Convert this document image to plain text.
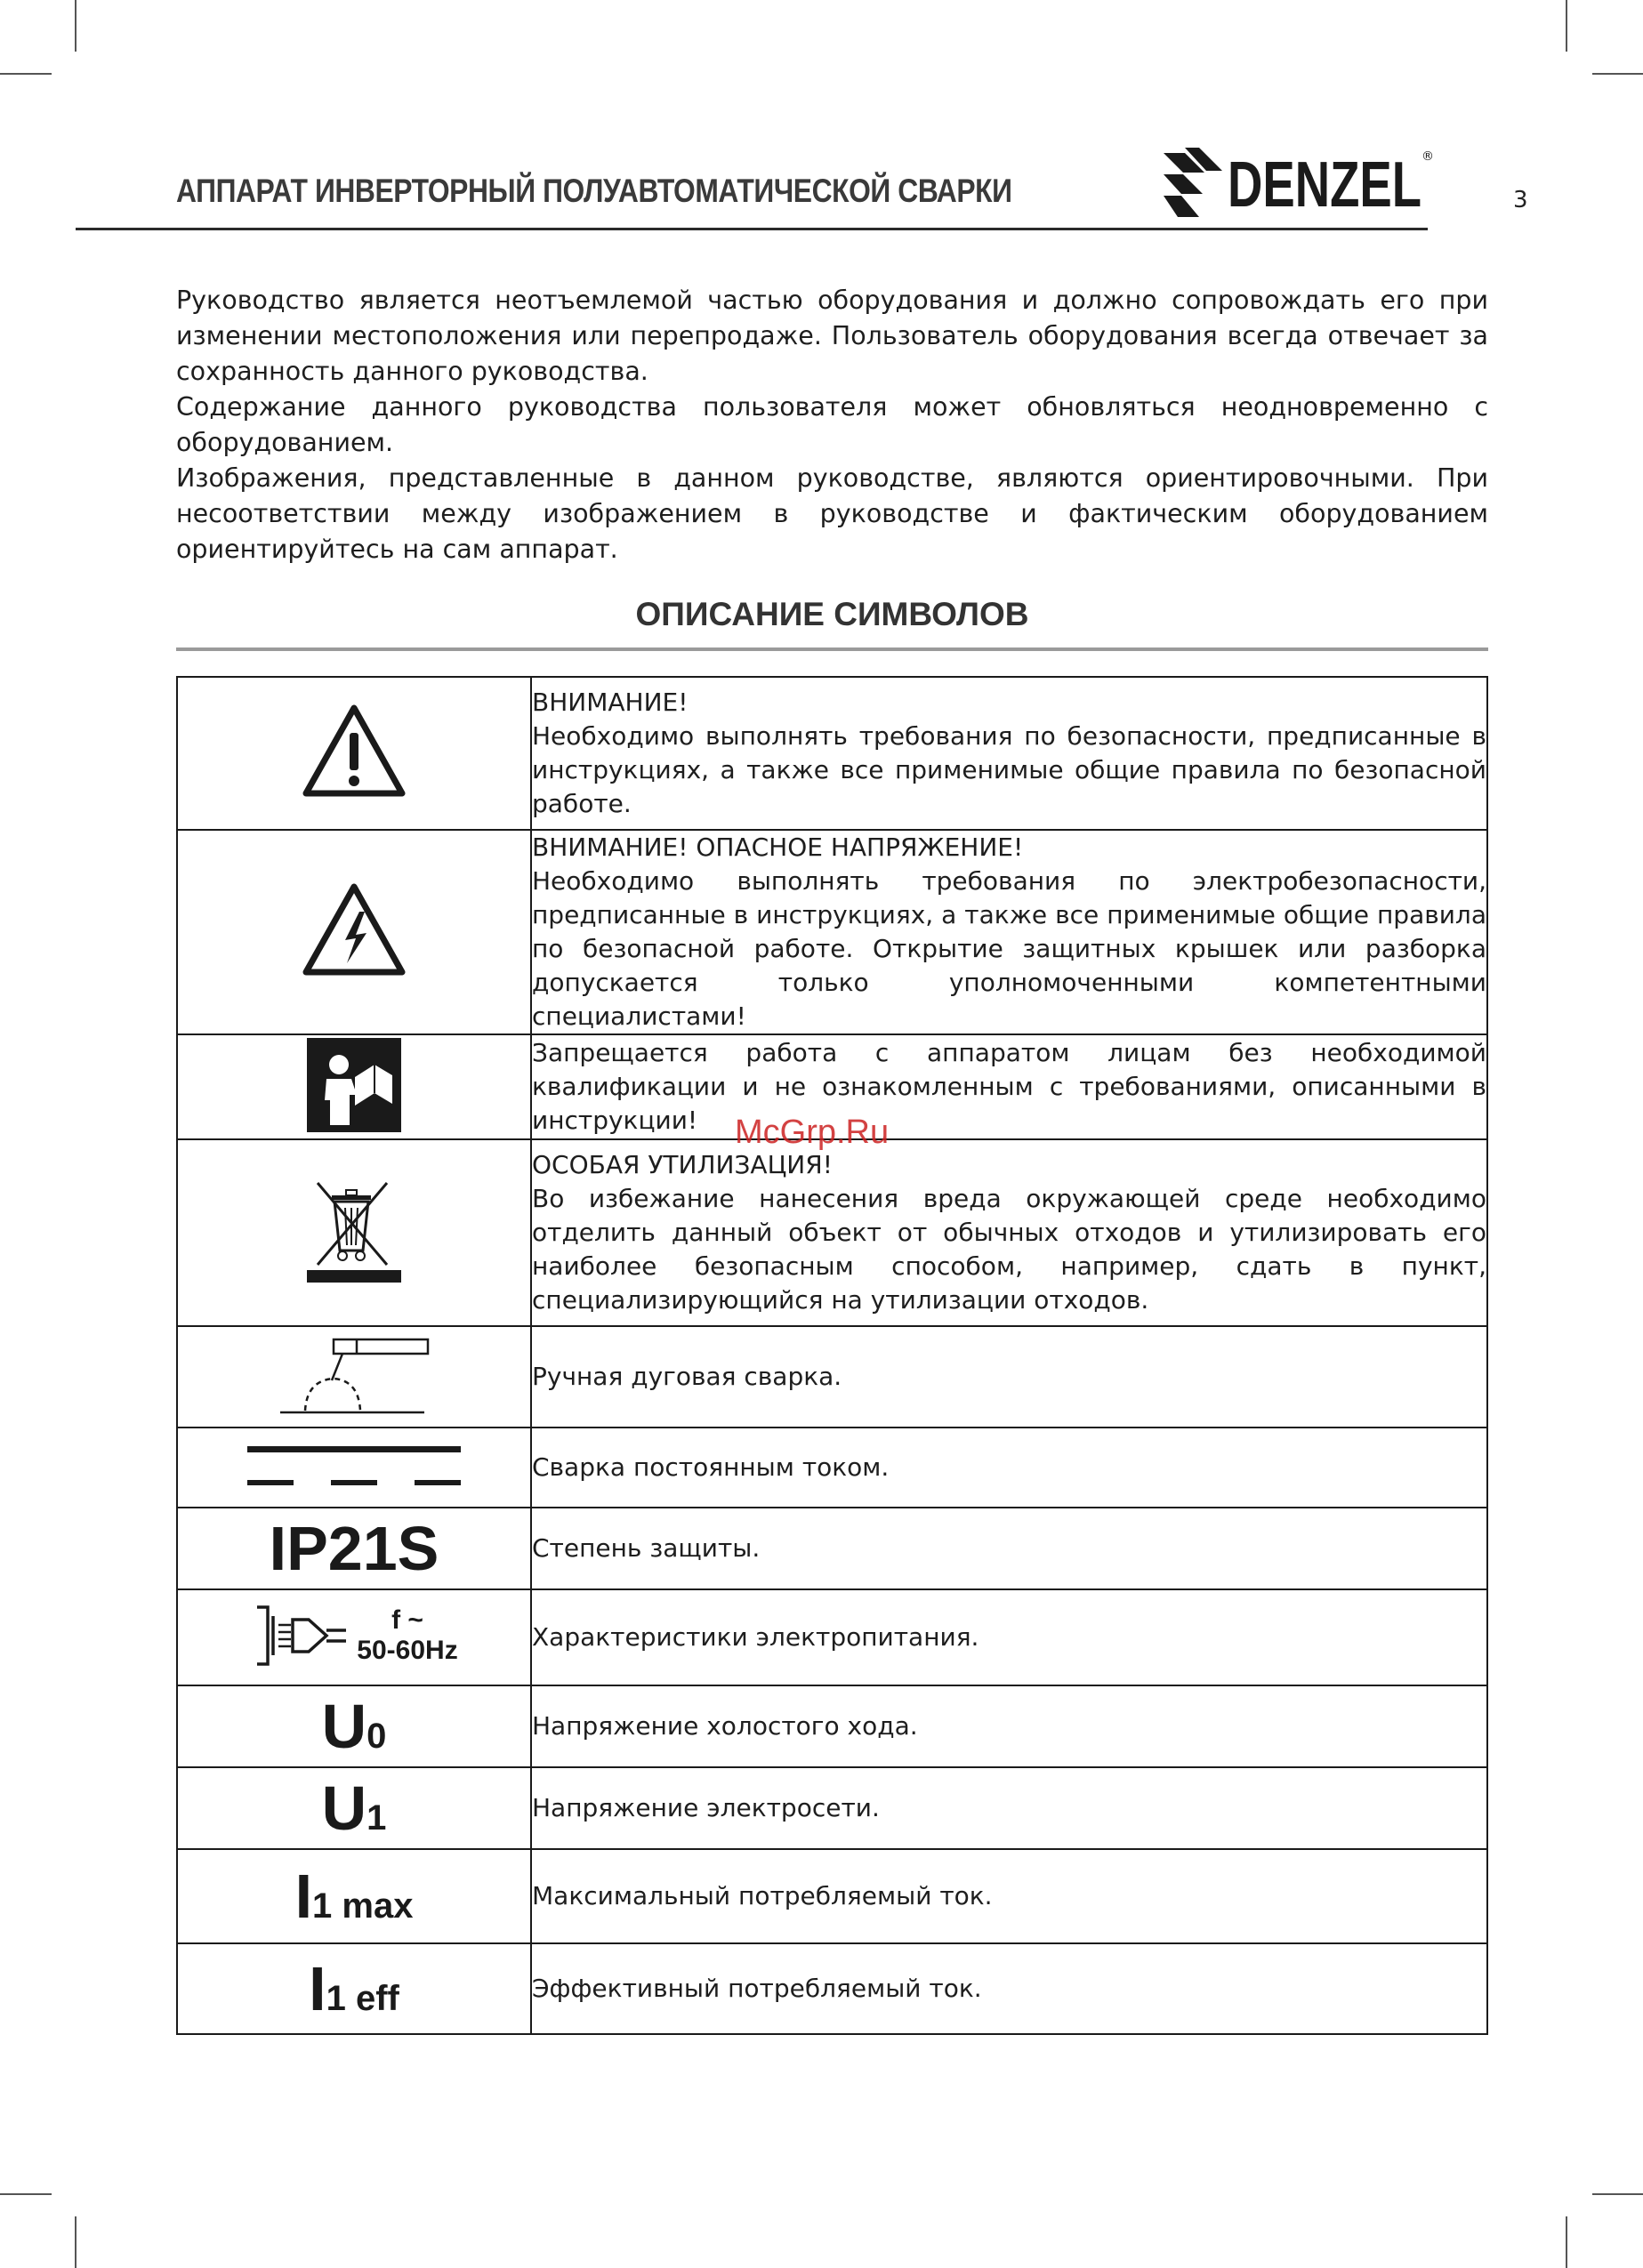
АППАРАТ ИНВЕРТОРНЫЙ ПОЛУАВТОМАТИЧЕСКОЙ СВАРКИ	DENZEL ®
3

Руководство является неотъемлемой частью оборудования и должно сопровождать его при изменении местоположения или перепродаже. Пользователь оборудования всегда отвечает за сохранность данного руководства.

Содержание данного руководства пользователя может обновляться неодновременно с оборудованием.

Изображения, представленные в данном руководстве, являются ориентировочными. При несоответствии между изображением в руководстве и фактическим оборудованием ориентируйтесь на сам аппарат.

ОПИСАНИЕ СИМВОЛОВ

ВНИМАНИЕ!
Необходимо выполнять требования по безопасности, предписанные в инструкциях, а также все применимые общие правила по безопасной работе.

ВНИМАНИЕ! ОПАСНОЕ НАПРЯЖЕНИЕ!
Необходимо выполнять требования по электробезопасности, предписанные в инструкциях, а также все применимые общие правила по безопасной работе. Открытие защитных крышек или разборка допускается только уполномоченными компетентными специалистами!

Запрещается работа с аппаратом лицам без необходимой квалификации и не ознакомленным с требованиями, описанными в инструкции!

ОСОБАЯ УТИЛИЗАЦИЯ!
Во избежание нанесения вреда окружающей среде необходимо отделить данный объект от обычных отходов и утилизировать его наиболее безопасным способом, например, сдать в пункт, специализирующийся на утилизации отходов.

Ручная дуговая сварка.

Сварка постоянным током.

IP21S	Степень защиты.

f ~
50-60Hz	Характеристики электропитания.

U0	Напряжение холостого хода.

U1	Напряжение электросети.

I1 max	Максимальный потребляемый ток.

I1 eff	Эффективный потребляемый ток.
McGrp.Ru
